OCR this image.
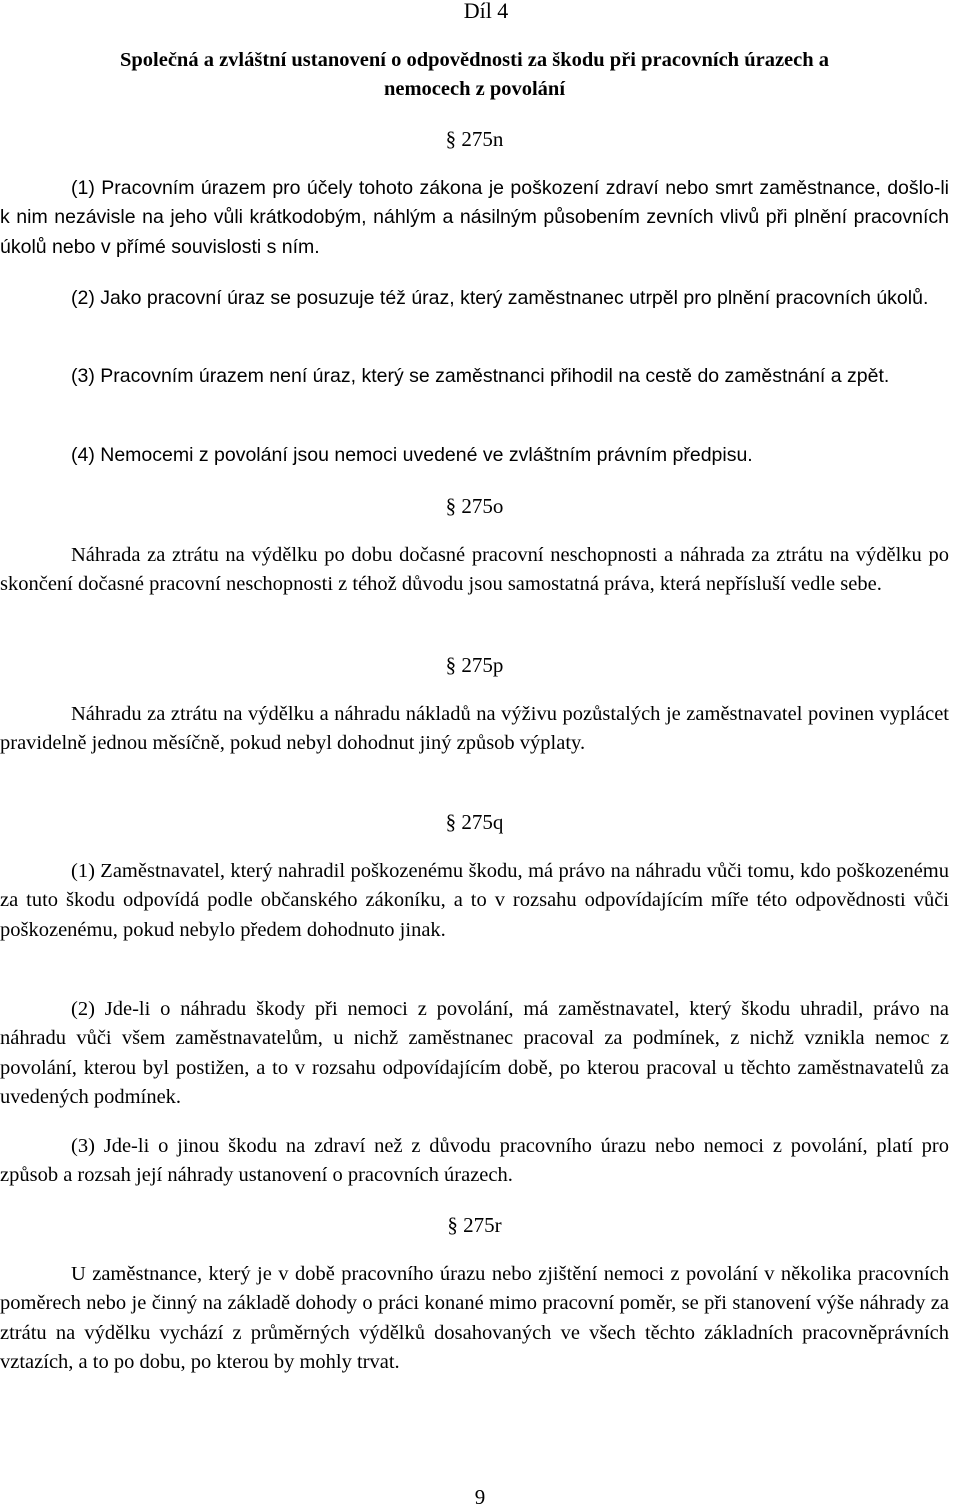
Díl 4

Společná a zvláštní ustanovení o odpovědnosti za škodu při pracovních úrazech a
nemocech z povolání

§ 275n

(1) Pracovním úrazem pro účely tohoto zákona je poškození zdraví nebo smrt zaměstnance, došlo-li k nim nezávisle na jeho vůli krátkodobým, náhlým a násilným působením zevních vlivů při plnění pracovních úkolů nebo v přímé souvislosti s ním.

(2) Jako pracovní úraz se posuzuje též úraz, který zaměstnanec utrpěl pro plnění pracovních úkolů.

(3) Pracovním úrazem není úraz, který se zaměstnanci přihodil na cestě do zaměstnání a zpět.

(4) Nemocemi z povolání jsou nemoci uvedené ve zvláštním právním předpisu.

§ 275o

Náhrada za ztrátu na výdělku po dobu dočasné pracovní neschopnosti a náhrada za ztrátu na výdělku po skončení dočasné pracovní neschopnosti z téhož důvodu jsou samostatná práva, která nepřísluší vedle sebe.

§ 275p

Náhradu za ztrátu na výdělku a náhradu nákladů na výživu pozůstalých je zaměstnavatel povinen vyplácet pravidelně jednou měsíčně, pokud nebyl dohodnut jiný způsob výplaty.

§ 275q

(1) Zaměstnavatel, který nahradil poškozenému škodu, má právo na náhradu vůči tomu, kdo poškozenému za tuto škodu odpovídá podle občanského zákoníku, a to v rozsahu odpovídajícím míře této odpovědnosti vůči poškozenému, pokud nebylo předem dohodnuto jinak.

(2) Jde-li o náhradu škody při nemoci z povolání, má zaměstnavatel, který škodu uhradil, právo na náhradu vůči všem zaměstnavatelům, u nichž zaměstnanec pracoval za podmínek, z nichž vznikla nemoc z povolání, kterou byl postižen, a to v rozsahu odpovídajícím době, po kterou pracoval u těchto zaměstnavatelů za uvedených podmínek.

(3) Jde-li o jinou škodu na zdraví než z důvodu pracovního úrazu nebo nemoci z povolání, platí pro způsob a rozsah její náhrady ustanovení o pracovních úrazech.

§ 275r

U zaměstnance, který je v době pracovního úrazu nebo zjištění nemoci z povolání v několika pracovních poměrech nebo je činný na základě dohody o práci konané mimo pracovní poměr, se při stanovení výše náhrady za ztrátu na výdělku vychází z průměrných výdělků dosahovaných ve všech těchto základních pracovněprávních vztazích, a to po dobu, po kterou by mohly trvat.

9
